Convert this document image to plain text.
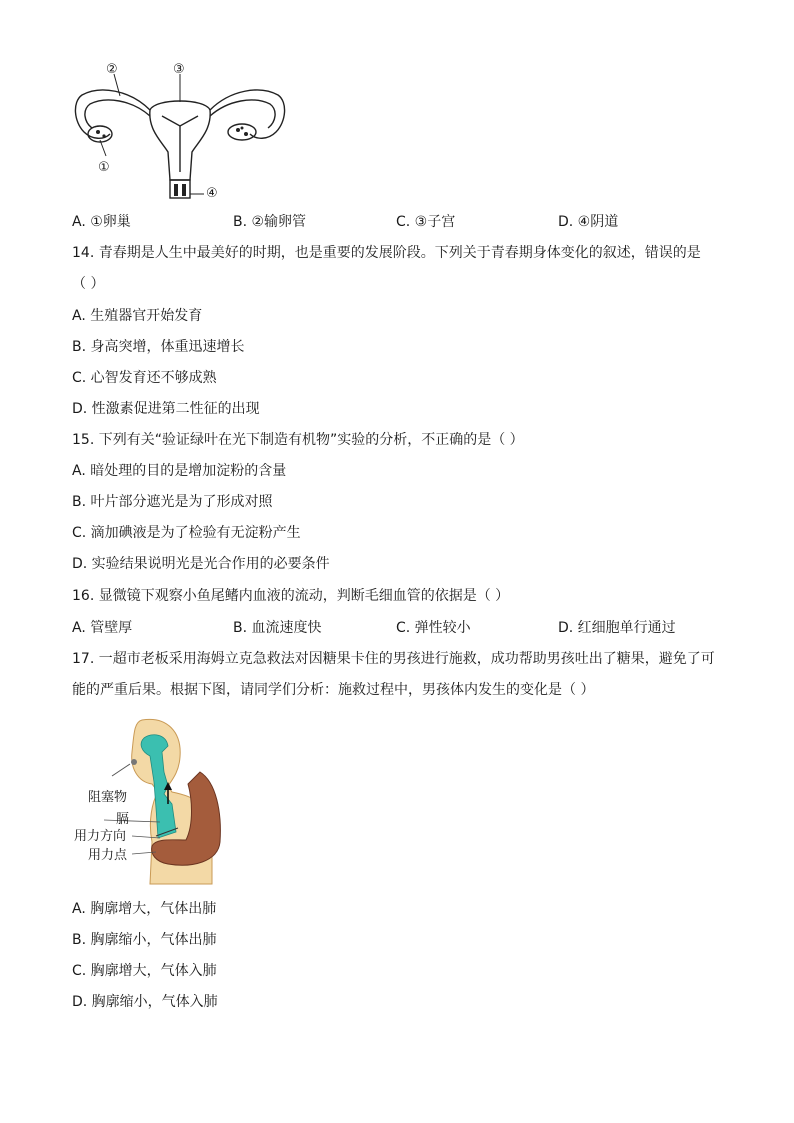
②	③
①
④
A. ①卵巢	B. ②输卵管	C. ③子宫	D. ④阴道
14. 青春期是人生中最美好的时期，也是重要的发展阶段。下列关于青春期身体变化的叙述，错误的是
（ ）
A. 生殖器官开始发育
B. 身高突增，体重迅速增长
C. 心智发育还不够成熟
D. 性激素促进第二性征的出现
15. 下列有关“验证绿叶在光下制造有机物”实验的分析，不正确的是（ ）
A. 暗处理的目的是增加淀粉的含量
B. 叶片部分遮光是为了形成对照
C. 滴加碘液是为了检验有无淀粉产生
D. 实验结果说明光是光合作用的必要条件
16. 显微镜下观察小鱼尾鳍内血液的流动，判断毛细血管的依据是（ ）
A. 管壁厚	B. 血流速度快	C. 弹性较小	D. 红细胞单行通过
17. 一超市老板采用海姆立克急救法对因糖果卡住的男孩进行施救，成功帮助男孩吐出了糖果，避免了可
能的严重后果。根据下图，请同学们分析：施救过程中，男孩体内发生的变化是（ ）
阻塞物
膈
用力方向
用力点
A. 胸廓增大，气体出肺
B. 胸廓缩小，气体出肺
C. 胸廓增大，气体入肺
D. 胸廓缩小，气体入肺
